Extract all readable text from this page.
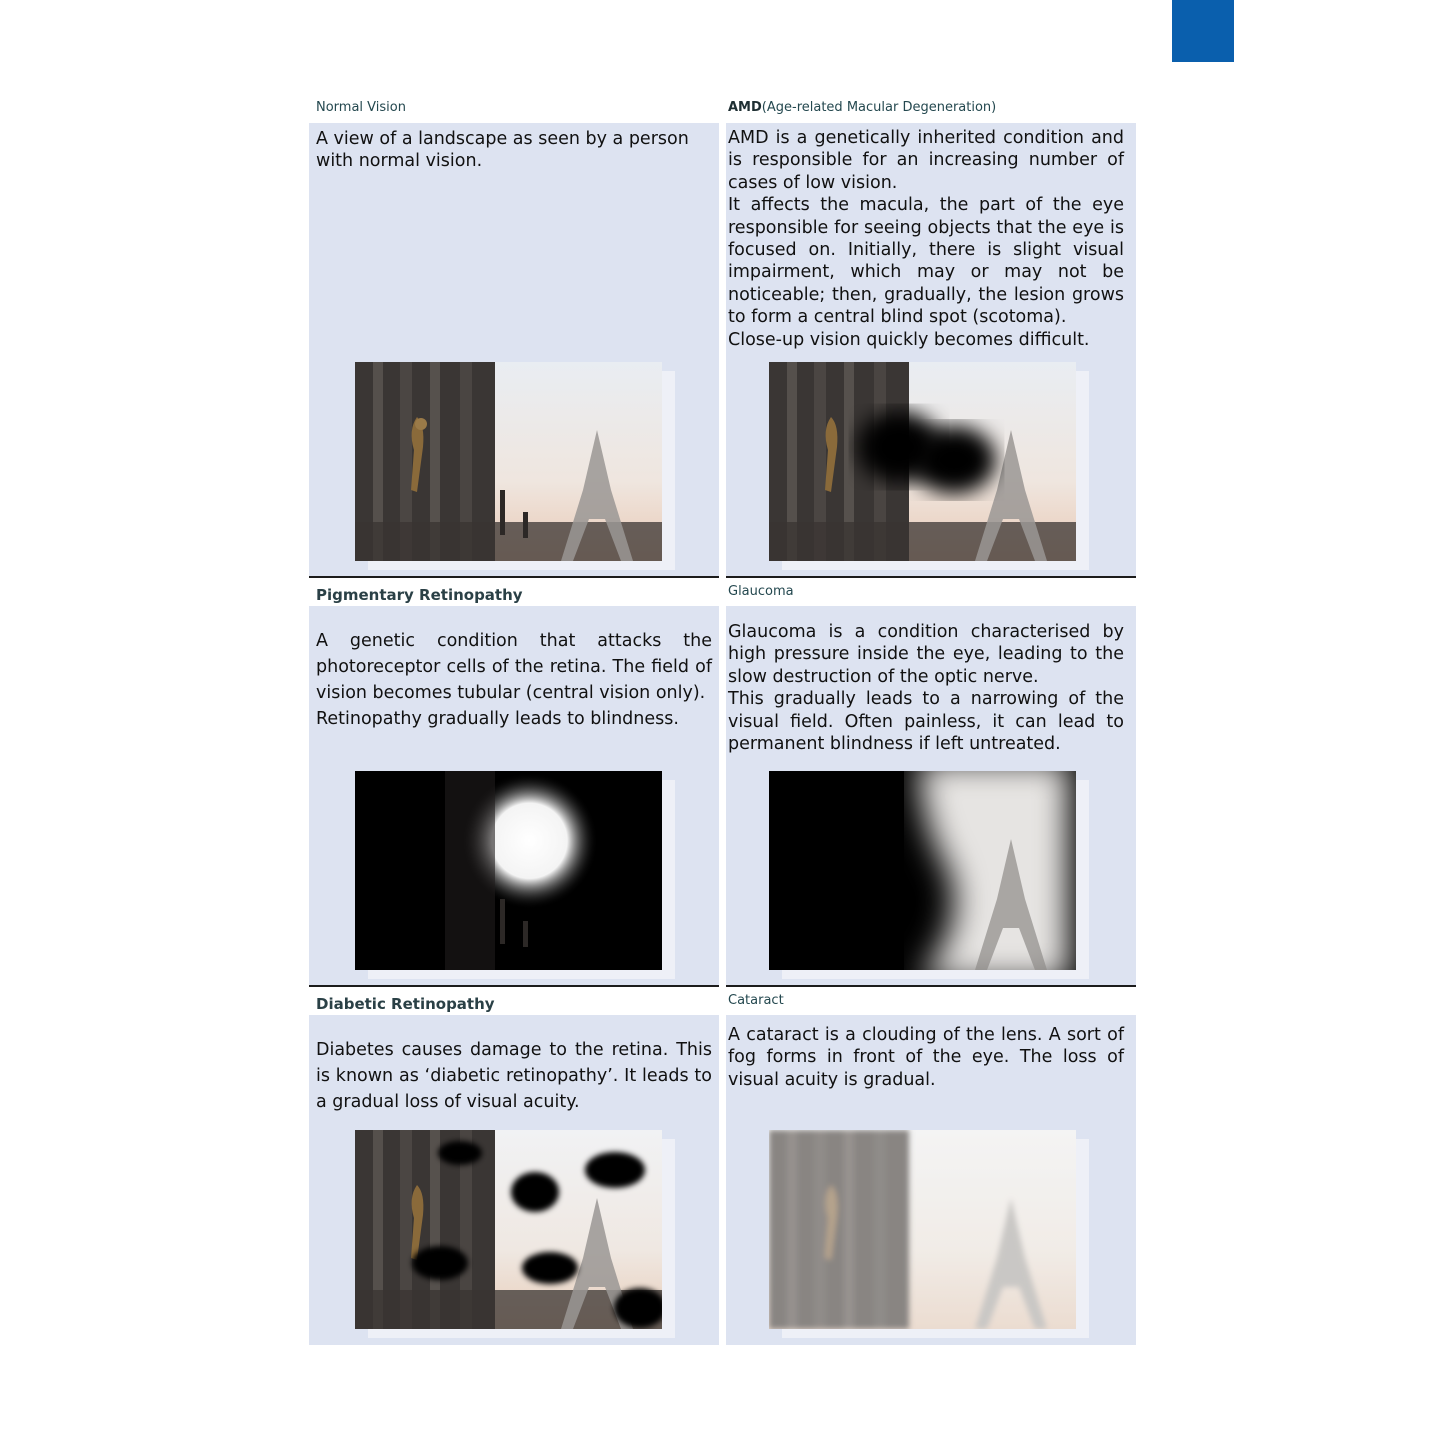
Normal Vision

A view of a landscape as seen by a person with normal vision.

AMD(Age-related Macular Degeneration)
AMD is a genetically inherited condition and is responsible for an increasing number of cases of low vision.
It affects the macula, the part of the eye responsible for seeing objects that the eye is focused on. Initially, there is slight visual impairment, which may or may not be noticeable; then, gradually, the lesion grows to form a central blind spot (scotoma).
Close-up vision quickly becomes difficult.
Pigmentary Retinopathy
A genetic condition that attacks the photoreceptor cells of the retina. The field of vision becomes tubular (central vision only).
Retinopathy gradually leads to blindness.
Glaucoma
Glaucoma is a condition characterised by high pressure inside the eye, leading to the slow destruction of the optic nerve.
This gradually leads to a narrowing of the visual field. Often painless, it can lead to permanent blindness if left untreated.
Diabetic Retinopathy

Diabetes causes damage to the retina. This is known as ‘diabetic retinopathy’. It leads to a gradual loss of visual acuity.

Cataract

A cataract is a clouding of the lens. A sort of fog forms in front of the eye. The loss of visual acuity is gradual.
